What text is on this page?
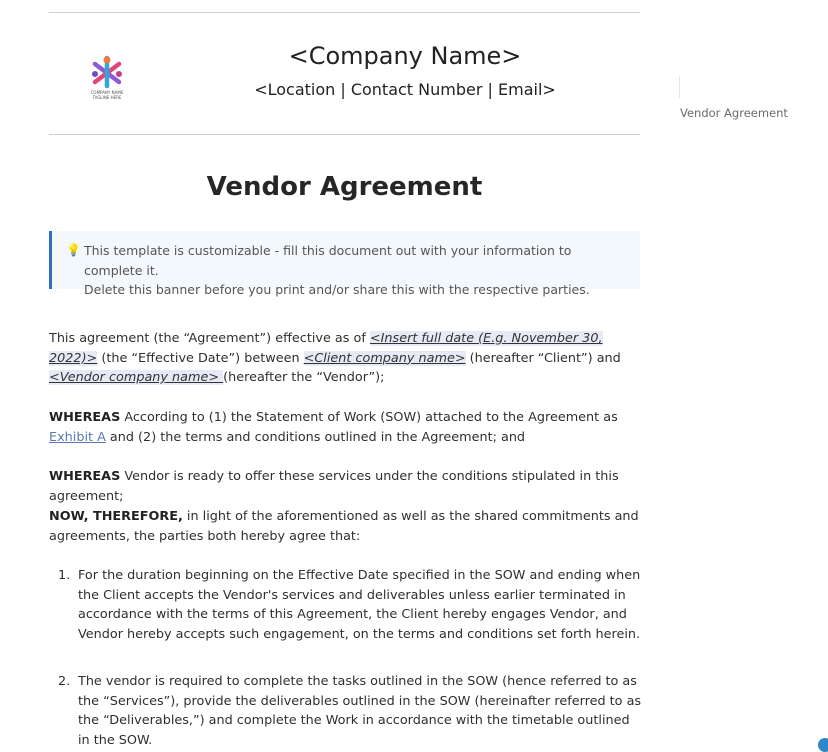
COMPANY NAME
TAGLINE HERE
<Company Name>
<Location | Contact Number | Email>
Vendor Agreement
💡 This template is customizable - fill this document out with your information to complete it.
Delete this banner before you print and/or share this with the respective parties.
This agreement (the “Agreement”) effective as of <Insert full date (E.g. November 30, 2022)> (the “Effective Date”) between <Client company name> (hereafter “Client”) and <Vendor company name> (hereafter the “Vendor”);
WHEREAS According to (1) the Statement of Work (SOW) attached to the Agreement as Exhibit A and (2) the terms and conditions outlined in the Agreement; and
WHEREAS Vendor is ready to offer these services under the conditions stipulated in this agreement;
NOW, THEREFORE, in light of the aforementioned as well as the shared commitments and agreements, the parties both hereby agree that:
1. For the duration beginning on the Effective Date specified in the SOW and ending when the Client accepts the Vendor's services and deliverables unless earlier terminated in accordance with the terms of this Agreement, the Client hereby engages Vendor, and Vendor hereby accepts such engagement, on the terms and conditions set forth herein.
2. The vendor is required to complete the tasks outlined in the SOW (hence referred to as the “Services”), provide the deliverables outlined in the SOW (hereinafter referred to as the “Deliverables,”) and complete the Work in accordance with the timetable outlined in the SOW.
Vendor Agreement
